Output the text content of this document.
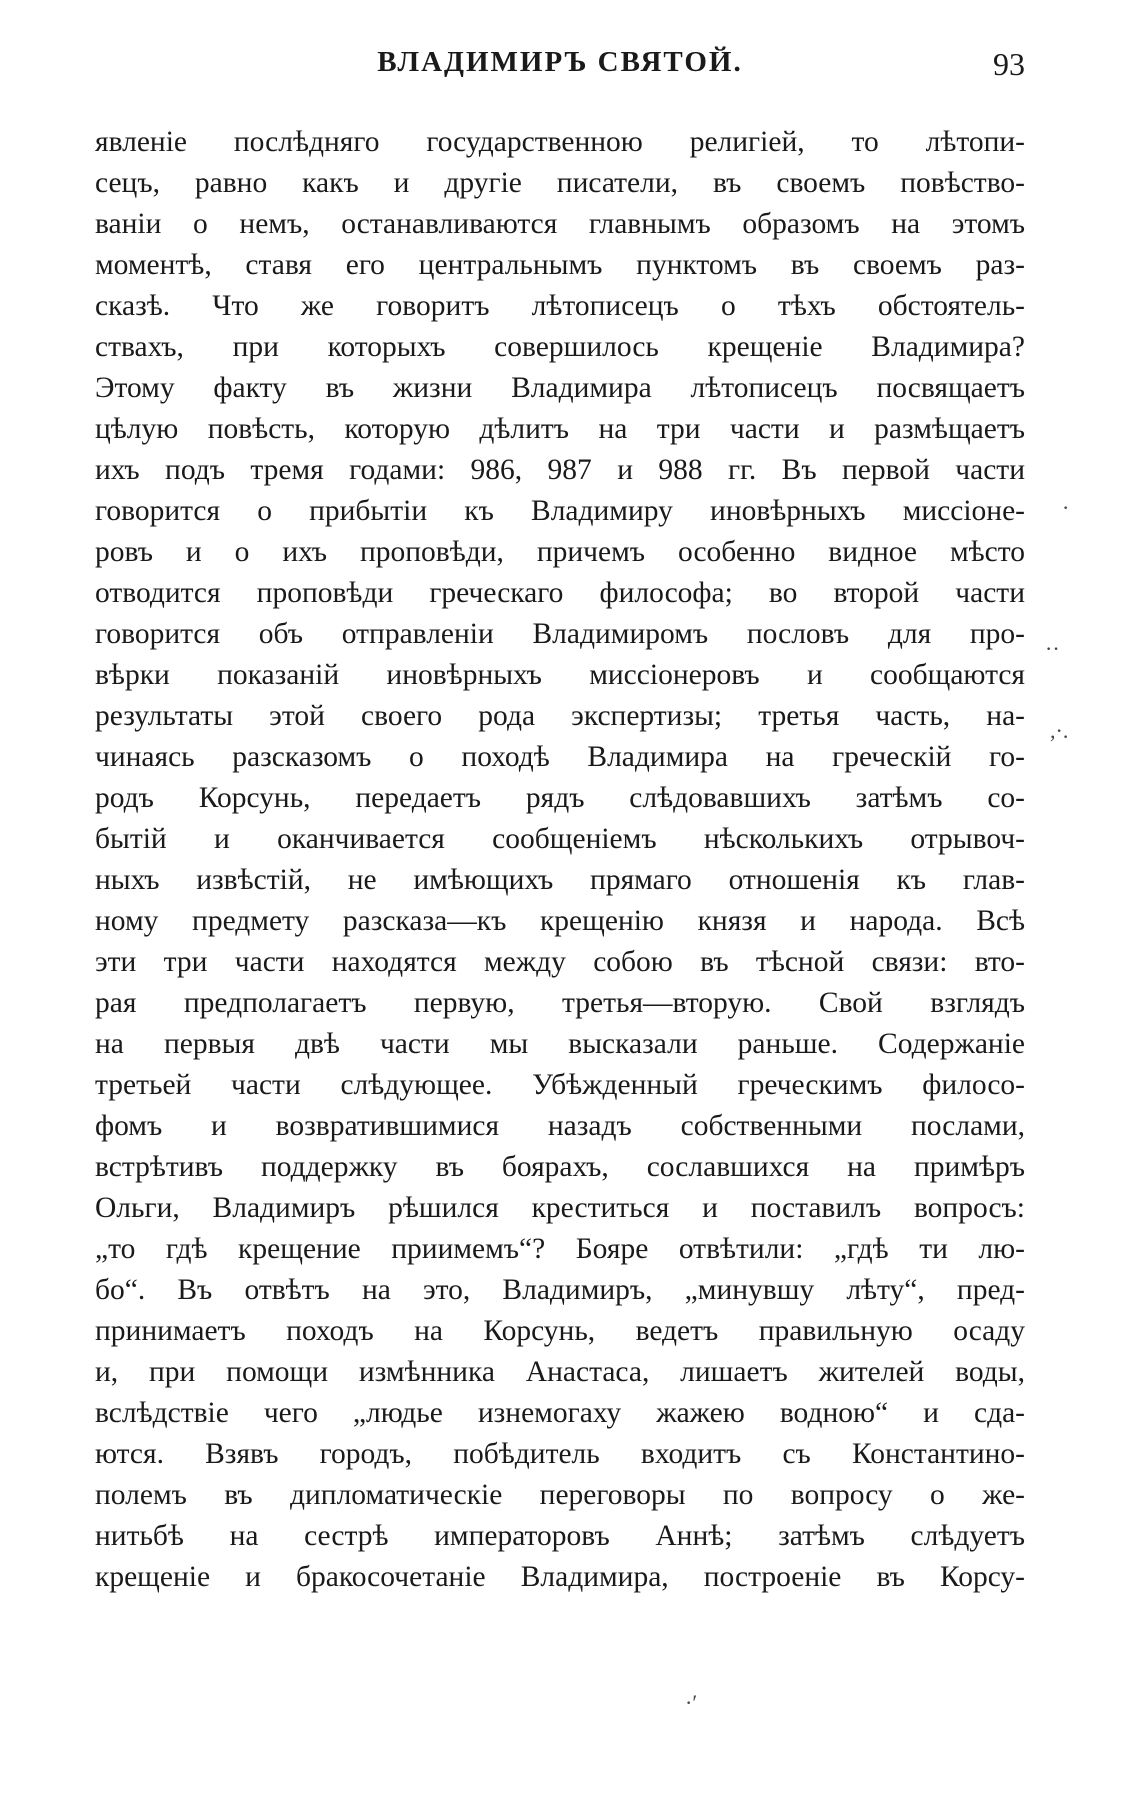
ВЛАДИМИРЪ СВЯТОЙ.	93
явленіе послѣдняго государственною религіей, то лѣтопи-
сецъ, равно какъ и другіе писатели, въ своемъ повѣство-
ваніи о немъ, останавливаются главнымъ образомъ на этомъ
моментѣ, ставя его центральнымъ пунктомъ въ своемъ раз-
сказѣ. Что же говоритъ лѣтописецъ о тѣхъ обстоятель-
ствахъ, при которыхъ совершилось крещеніе Владимира?
Этому факту въ жизни Владимира лѣтописецъ посвящаетъ
цѣлую повѣсть, которую дѣлитъ на три части и размѣщаетъ
ихъ подъ тремя годами: 986, 987 и 988 гг. Въ первой части
говорится о прибытіи къ Владимиру иновѣрныхъ миссіоне-
ровъ и о ихъ проповѣди, причемъ особенно видное мѣсто
отводится проповѣди греческаго философа; во второй части
говорится объ отправленіи Владимиромъ пословъ для про-
вѣрки показаній иновѣрныхъ миссіонеровъ и сообщаются
результаты этой своего рода экспертизы; третья часть, на-
чинаясь разсказомъ о походѣ Владимира на греческій го-
родъ Корсунь, передаетъ рядъ слѣдовавшихъ затѣмъ со-
бытій и оканчивается сообщеніемъ нѣсколькихъ отрывоч-
ныхъ извѣстій, не имѣющихъ прямаго отношенія къ глав-
ному предмету разсказа—къ крещенію князя и народа. Всѣ
эти три части находятся между собою въ тѣсной связи: вто-
рая предполагаетъ первую, третья—вторую. Свой взглядъ
на первыя двѣ части мы высказали раньше. Содержаніе
третьей части слѣдующее. Убѣжденный греческимъ филосо-
фомъ и возвратившимися назадъ собственными послами,
встрѣтивъ поддержку въ боярахъ, сославшихся на примѣръ
Ольги, Владимиръ рѣшился креститься и поставилъ вопросъ:
„то гдѣ крещение приимемъ“? Бояре отвѣтили: „гдѣ ти лю-
бо“. Въ отвѣтъ на это, Владимиръ, „минувшу лѣту“, пред-
принимаетъ походъ на Корсунь, ведетъ правильную осаду
и, при помощи измѣнника Анастаса, лишаетъ жителей воды,
вслѣдствіе чего „людье изнемогаху жажею водною“ и сда-
ются. Взявъ городъ, побѣдитель входитъ съ Константино-
полемъ въ дипломатическіе переговоры по вопросу о же-
нитьбѣ на сестрѣ императоровъ Аннѣ; затѣмъ слѣдуетъ
крещеніе и бракосочетаніе Владимира, построеніе въ Корсу-
·
··
,·.
·′
